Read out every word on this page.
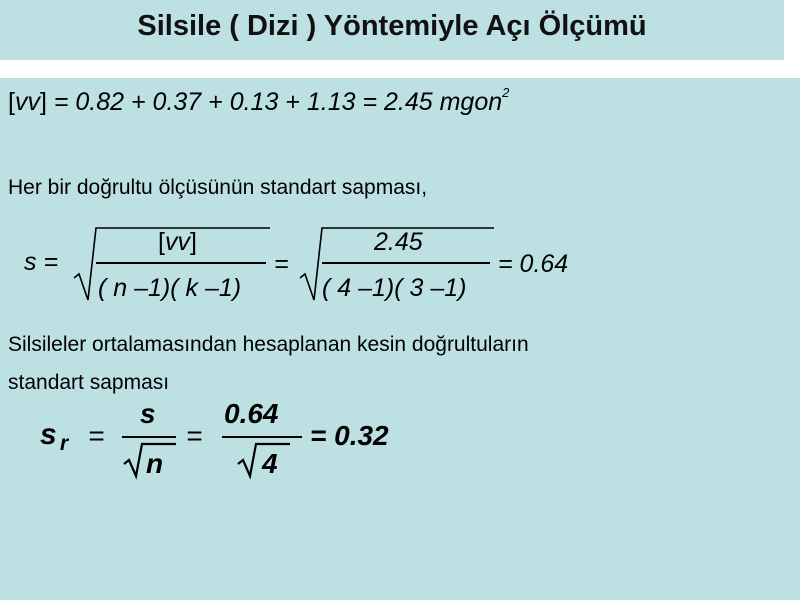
Silsile ( Dizi ) Yöntemiyle Açı Ölçümü
[vv] = 0.82 + 0.37 + 0.13 + 1.13 = 2.45 mgon$^2$
Her bir doğrultu ölçüsünün standart sapması,
s =
[vv]
( n –1)( k –1)
=
2.45
( 4 –1)( 3 –1)
= 0.64
Silsileler ortalamasından hesaplanan kesin doğrultuların
standart sapması
s r =
s
n
=
0.64
4
= 0.32
